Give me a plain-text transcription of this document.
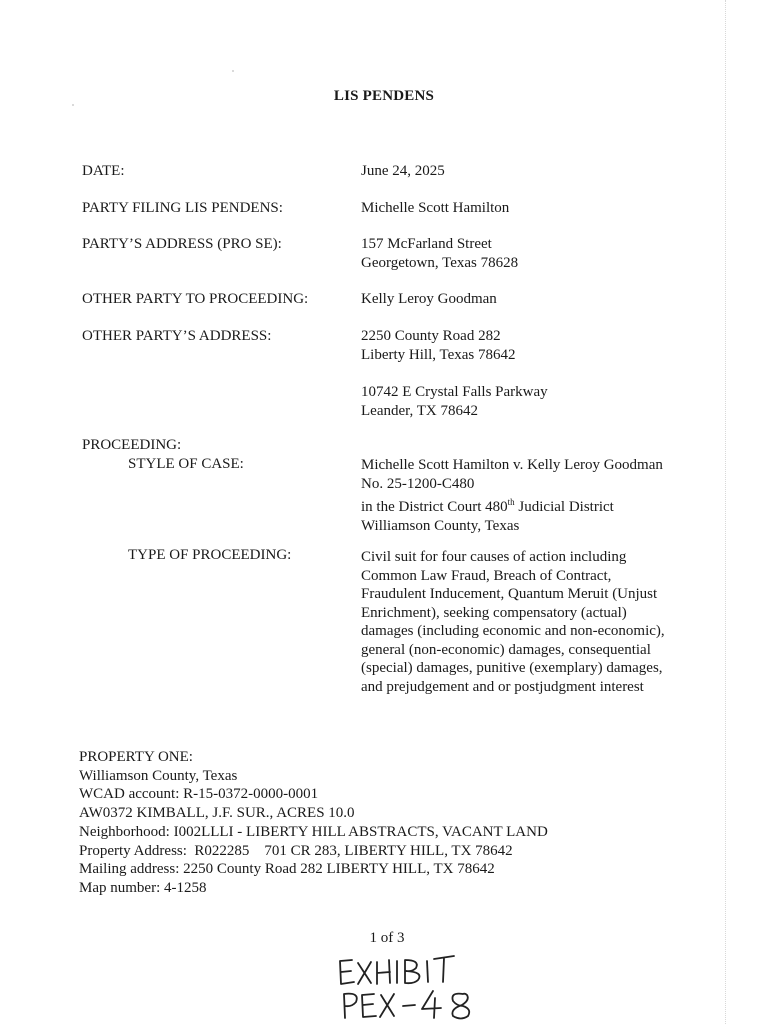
LIS PENDENS
DATE:	June 24, 2025
PARTY FILING LIS PENDENS:	Michelle Scott Hamilton
PARTY’S ADDRESS (PRO SE):	157 McFarland Street
Georgetown, Texas 78628
OTHER PARTY TO PROCEEDING:	Kelly Leroy Goodman
OTHER PARTY’S ADDRESS:	2250 County Road 282
Liberty Hill, Texas 78642
10742 E Crystal Falls Parkway
Leander, TX 78642
PROCEEDING:
STYLE OF CASE:	Michelle Scott Hamilton v. Kelly Leroy Goodman
No. 25-1200-C480
in the District Court 480th Judicial District
Williamson County, Texas
TYPE OF PROCEEDING:	Civil suit for four causes of action including
Common Law Fraud, Breach of Contract,
Fraudulent Inducement, Quantum Meruit (Unjust
Enrichment), seeking compensatory (actual)
damages (including economic and non-economic),
general (non-economic) damages, consequential
(special) damages, punitive (exemplary) damages,
and prejudgement and or postjudgment interest
PROPERTY ONE:
Williamson County, Texas
WCAD account: R-15-0372-0000-0001
AW0372 KIMBALL, J.F. SUR., ACRES 10.0
Neighborhood: I002LLLI - LIBERTY HILL ABSTRACTS, VACANT LAND
Property Address:  R022285    701 CR 283, LIBERTY HILL, TX 78642
Mailing address: 2250 County Road 282 LIBERTY HILL, TX 78642
Map number: 4-1258
1 of 3
